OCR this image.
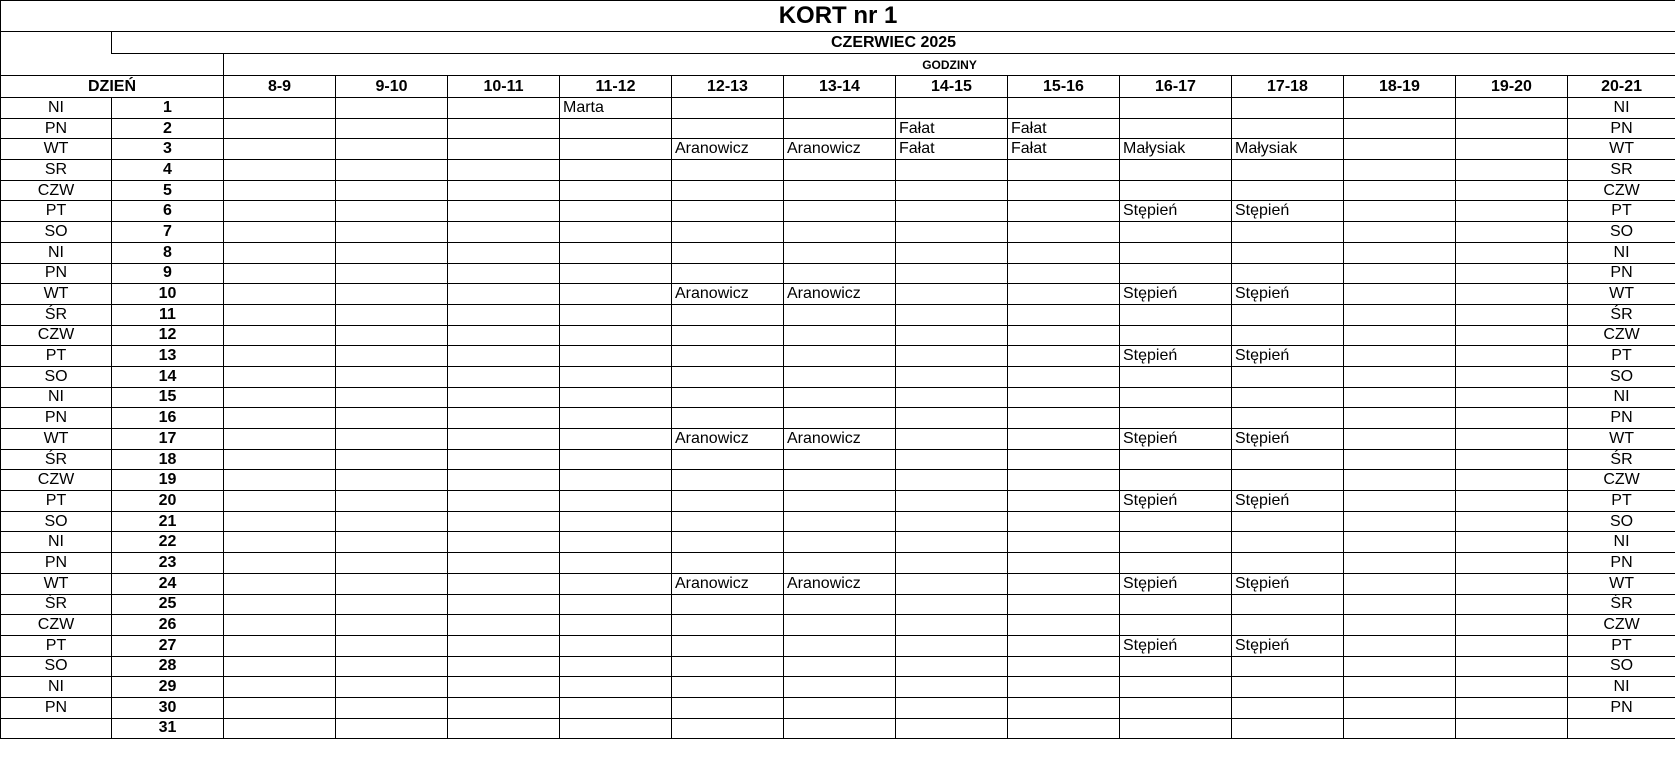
KORT nr 1														
	CZERWIEC 2025													
		GODZINY												
DZIEŃ		8-9	9-10	10-11	11-12	12-13	13-14	14-15	15-16	16-17	17-18	18-19	19-20	20-21
NI	1				Marta									NI
PN	2							Fałat	Fałat					PN
WT	3					Aranowicz	Aranowicz	Fałat	Fałat	Małysiak	Małysiak			WT
SR	4													SR
CZW	5													CZW
PT	6									Stępień	Stępień			PT
SO	7													SO
NI	8													NI
PN	9													PN
WT	10					Aranowicz	Aranowicz			Stępień	Stępień			WT
ŚR	11													ŚR
CZW	12													CZW
PT	13									Stępień	Stępień			PT
SO	14													SO
NI	15													NI
PN	16													PN
WT	17					Aranowicz	Aranowicz			Stępień	Stępień			WT
ŚR	18													ŚR
CZW	19													CZW
PT	20									Stępień	Stępień			PT
SO	21													SO
NI	22													NI
PN	23													PN
WT	24					Aranowicz	Aranowicz			Stępień	Stępień			WT
ŚR	25													ŚR
CZW	26													CZW
PT	27									Stępień	Stępień			PT
SO	28													SO
NI	29													NI
PN	30													PN
	31													
